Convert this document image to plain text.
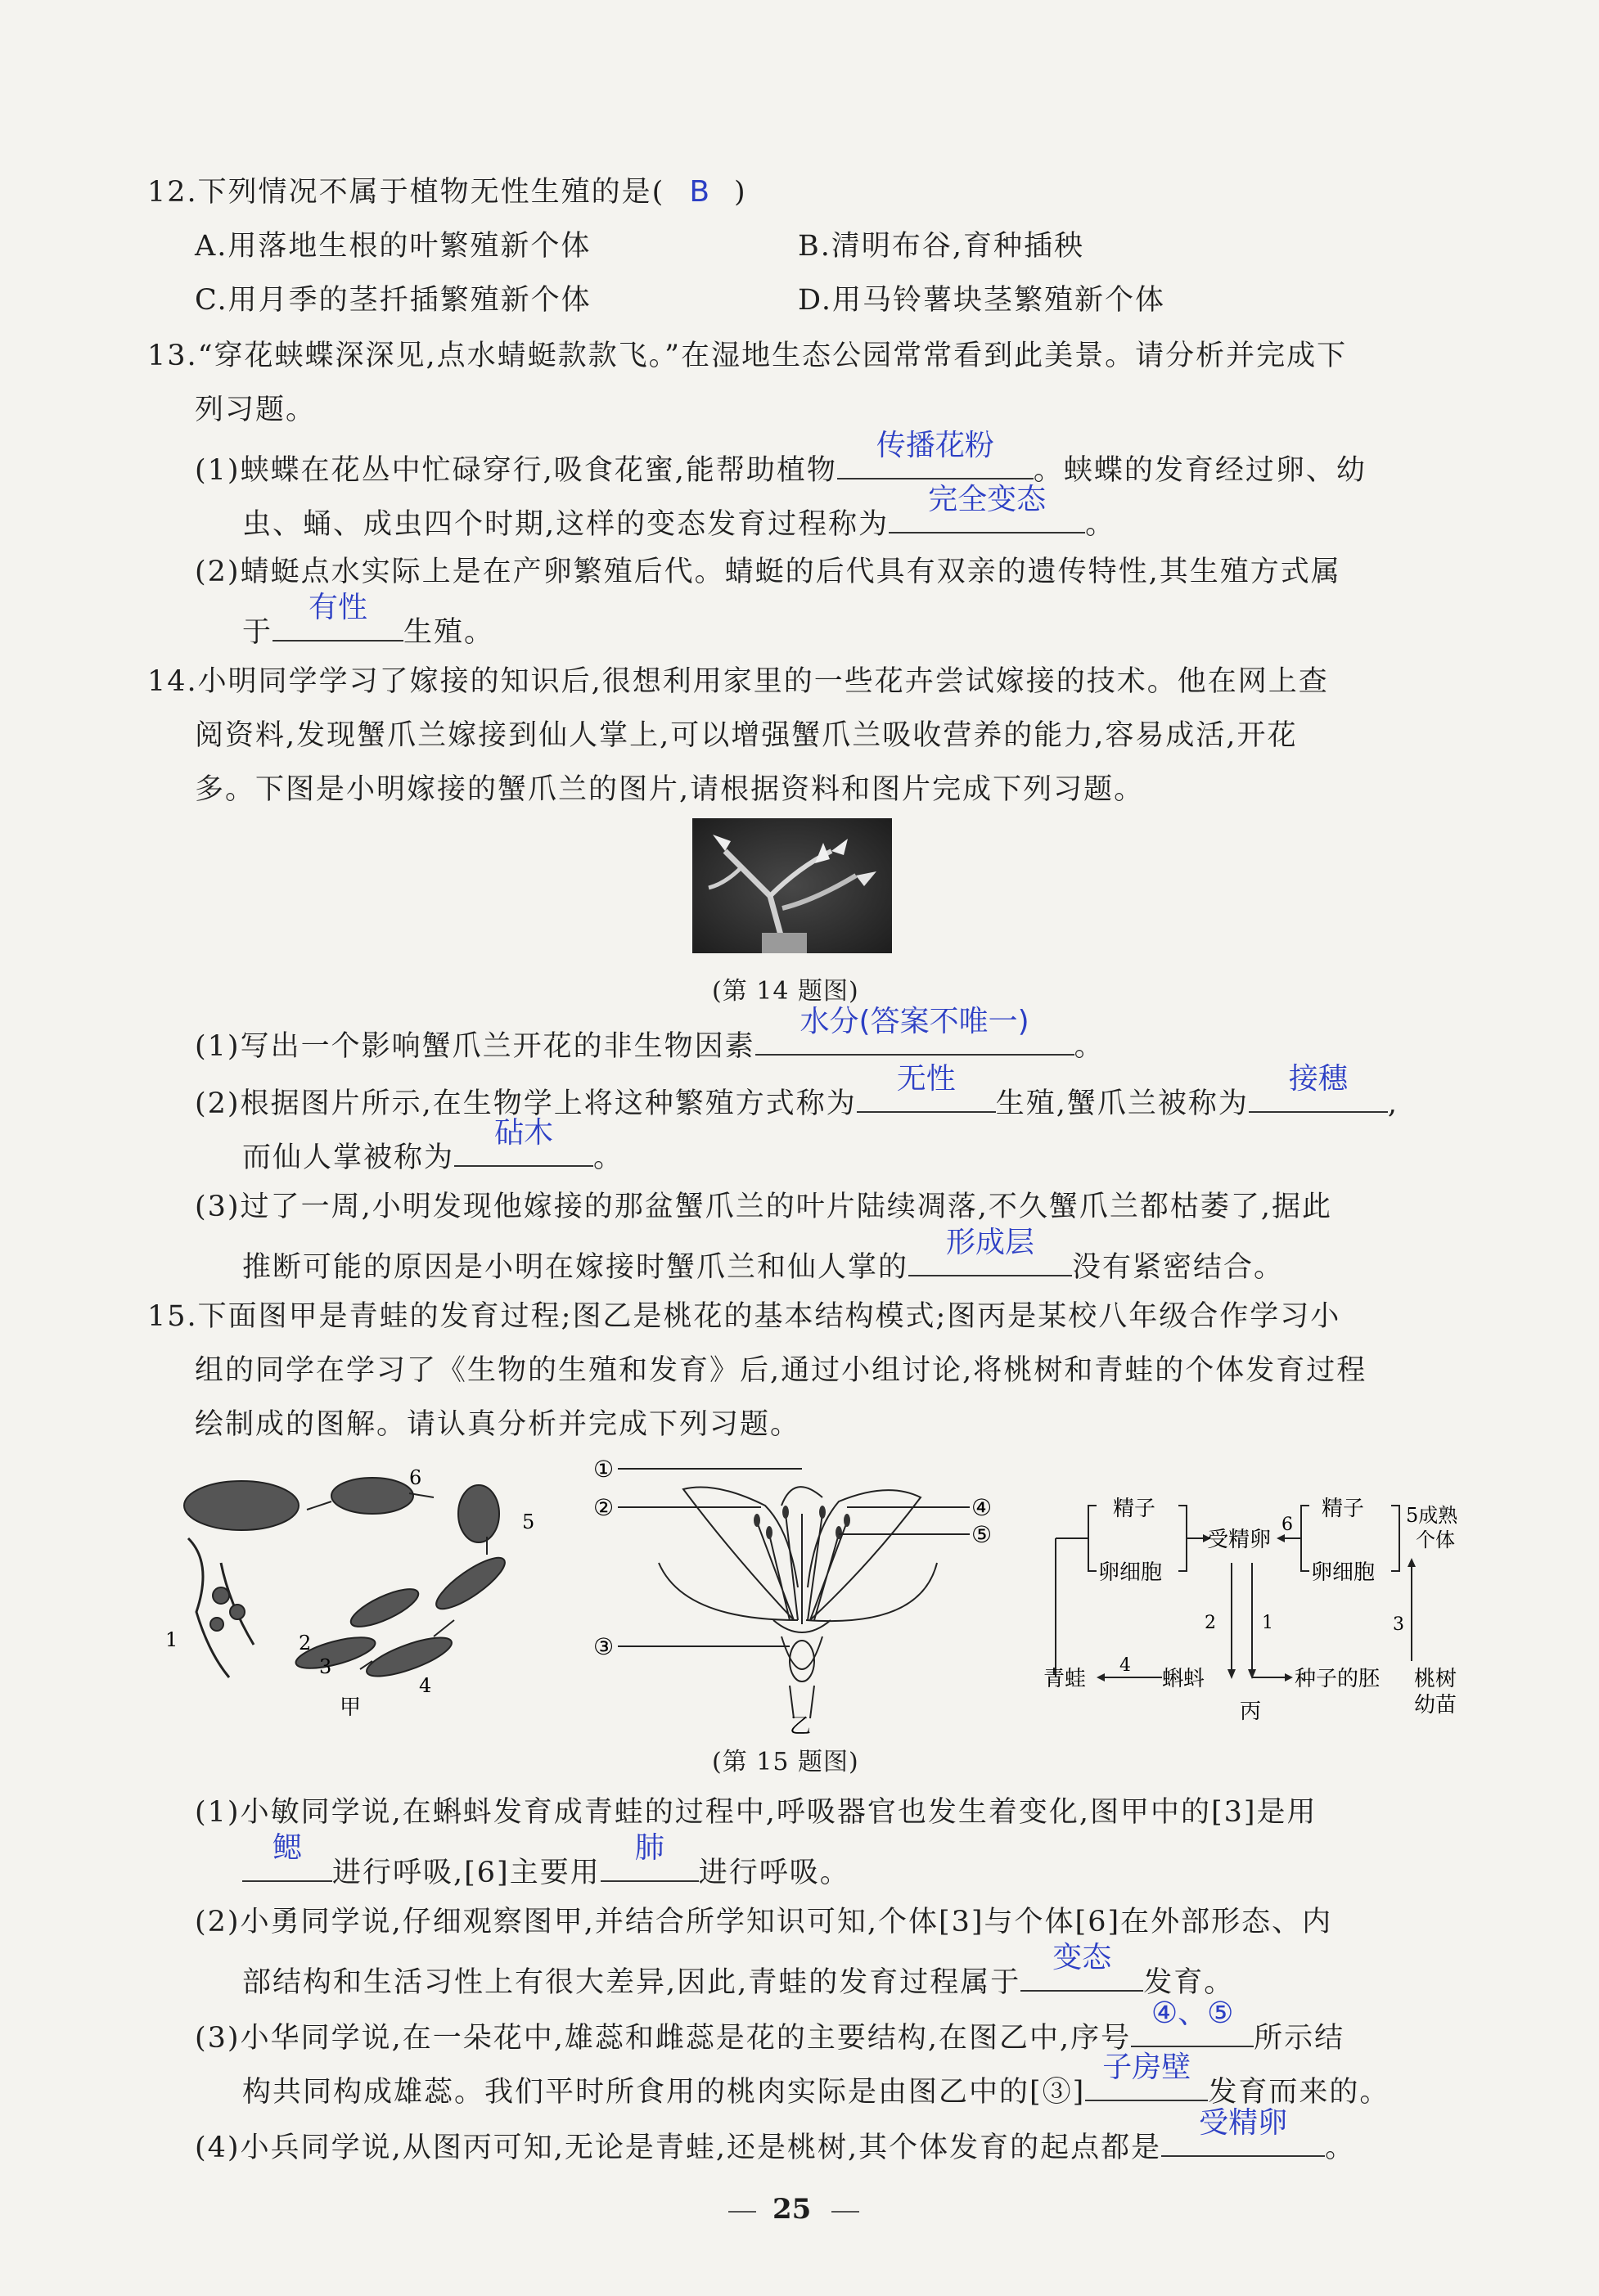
12.下列情况不属于植物无性生殖的是( B )
A.用落地生根的叶繁殖新个体	B.清明布谷,育种插秧
C.用月季的茎扦插繁殖新个体	D.用马铃薯块茎繁殖新个体
13.“穿花蛱蝶深深见,点水蜻蜓款款飞。”在湿地生态公园常常看到此美景。请分析并完成下
列习题。
(1)蛱蝶在花丛中忙碌穿行,吸食花蜜,能帮助植物
传播花粉
。蛱蝶的发育经过卵、幼
虫、蛹、成虫四个时期,这样的变态发育过程称为
完全变态
。
(2)蜻蜓点水实际上是在产卵繁殖后代。蜻蜓的后代具有双亲的遗传特性,其生殖方式属
于
有性
生殖。
14.小明同学学习了嫁接的知识后,很想利用家里的一些花卉尝试嫁接的技术。他在网上查
阅资料,发现蟹爪兰嫁接到仙人掌上,可以增强蟹爪兰吸收营养的能力,容易成活,开花
多。下图是小明嫁接的蟹爪兰的图片,请根据资料和图片完成下列习题。
(第 14 题图)
(1)写出一个影响蟹爪兰开花的非生物因素
水分(答案不唯一)
。
(2)根据图片所示,在生物学上将这种繁殖方式称为
无性
生殖,蟹爪兰被称为
接穗
,
而仙人掌被称为
砧木
。
(3)过了一周,小明发现他嫁接的那盆蟹爪兰的叶片陆续凋落,不久蟹爪兰都枯萎了,据此
推断可能的原因是小明在嫁接时蟹爪兰和仙人掌的
形成层
没有紧密结合。
15.下面图甲是青蛙的发育过程;图乙是桃花的基本结构模式;图丙是某校八年级合作学习小
组的同学在学习了《生物的生殖和发育》后,通过小组讨论,将桃树和青蛙的个体发育过程
绘制成的图解。请认真分析并完成下列习题。
1	2
3
4
5
6
甲
①
②
③
④
⑤
乙
精子
卵细胞
受精卵
6
精子
卵细胞
5成熟
个体
2	1	3
4
青蛙	蝌蚪	种子的胚 桃树
幼苗
丙
(第 15 题图)
(1)小敏同学说,在蝌蚪发育成青蛙的过程中,呼吸器官也发生着变化,图甲中的[3]是用
鳃
进行呼吸,[6]主要用
肺
进行呼吸。
(2)小勇同学说,仔细观察图甲,并结合所学知识可知,个体[3]与个体[6]在外部形态、内
部结构和生活习性上有很大差异,因此,青蛙的发育过程属于
变态
发育。
(3)小华同学说,在一朵花中,雄蕊和雌蕊是花的主要结构,在图乙中,序号
④、⑤
所示结
构共同构成雄蕊。我们平时所食用的桃肉实际是由图乙中的[③]
子房壁
发育而来的。
(4)小兵同学说,从图丙可知,无论是青蛙,还是桃树,其个体发育的起点都是
受精卵
。
25
